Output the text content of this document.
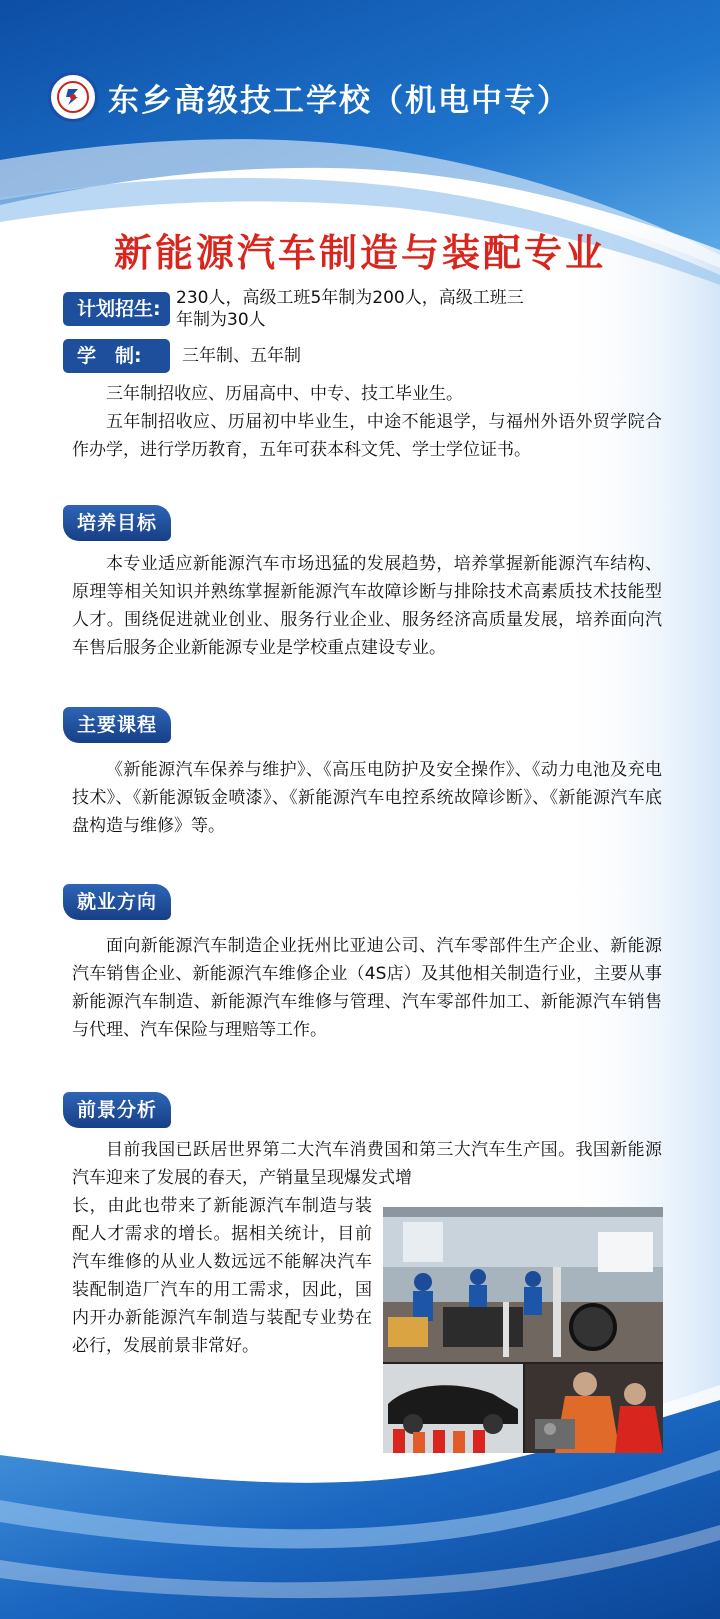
东乡高级技工学校（机电中专）
新能源汽车制造与装配专业
计划招生: 230人，高级工班5年制为200人，高级工班三
年制为30人
学　制:	三年制、五年制

三年制招收应、历届高中、中专、技工毕业生。

五年制招收应、历届初中毕业生，中途不能退学，与福州外语外贸学院合作办学，进行学历教育，五年可获本科文凭、学士学位证书。

培养目标

本专业适应新能源汽车市场迅猛的发展趋势，培养掌握新能源汽车结构、原理等相关知识并熟练掌握新能源汽车故障诊断与排除技术高素质技术技能型人才。围绕促进就业创业、服务行业企业、服务经济高质量发展，培养面向汽车售后服务企业新能源专业是学校重点建设专业。

主要课程

《新能源汽车保养与维护》、《高压电防护及安全操作》、《动力电池及充电技术》、《新能源钣金喷漆》、《新能源汽车电控系统故障诊断》、《新能源汽车底盘构造与维修》等。

就业方向

面向新能源汽车制造企业抚州比亚迪公司、汽车零部件生产企业、新能源汽车销售企业、新能源汽车维修企业（4S店）及其他相关制造行业，主要从事新能源汽车制造、新能源汽车维修与管理、汽车零部件加工、新能源汽车销售与代理、汽车保险与理赔等工作。

前景分析

目前我国已跃居世界第二大汽车消费国和第三大汽车生产国。我国新能源汽车迎来了发展的春天，产销量呈现爆发式增

长，由此也带来了新能源汽车制造与装配人才需求的增长。据相关统计，目前汽车维修的从业人数远远不能解决汽车装配制造厂汽车的用工需求，因此，国内开办新能源汽车制造与装配专业势在必行，发展前景非常好。
